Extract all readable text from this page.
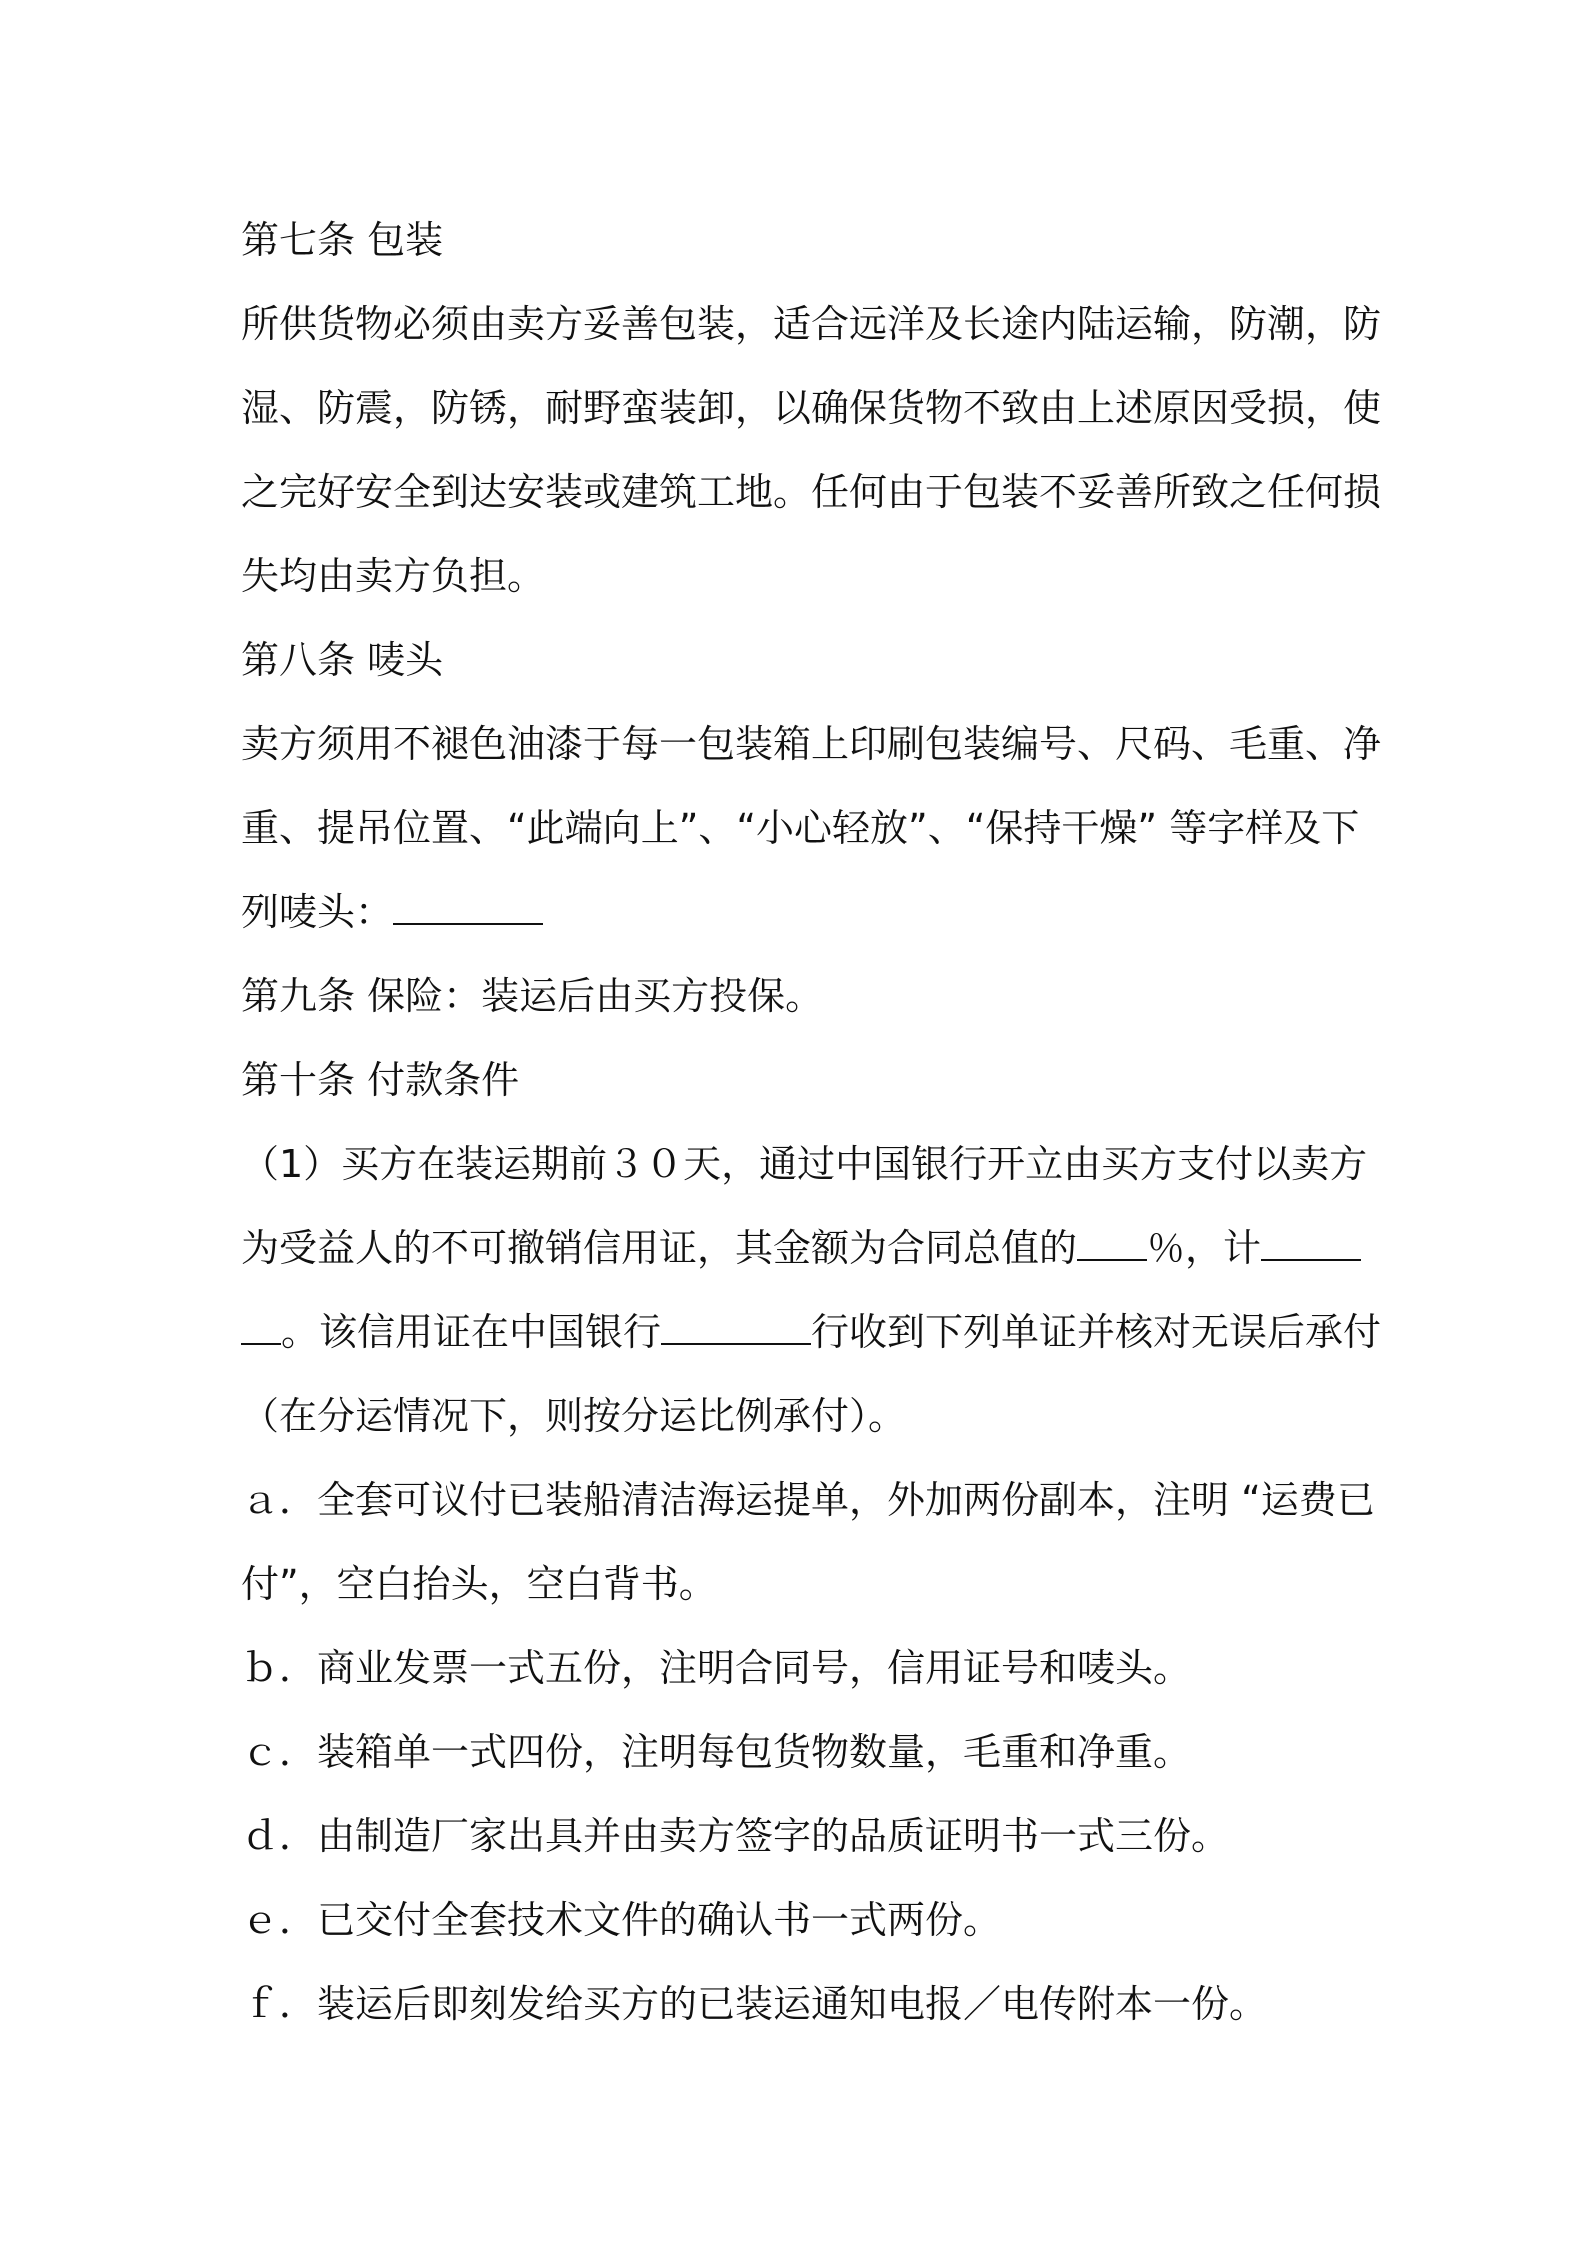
第七条 包装
所供货物必须由卖方妥善包装，适合远洋及长途内陆运输，防潮，防
湿、防震，防锈，耐野蛮装卸，以确保货物不致由上述原因受损，使
之完好安全到达安装或建筑工地。任何由于包装不妥善所致之任何损
失均由卖方负担。
第八条 唛头
卖方须用不褪色油漆于每一包装箱上印刷包装编号、尺码、毛重、净
重、提吊位置、“此端向上”、“小心轻放”、“保持干燥” 等字样及下
列唛头：
第九条 保险：装运后由买方投保。
第十条 付款条件
（1）买方在装运期前３０天，通过中国银行开立由买方支付以卖方
为受益人的不可撤销信用证，其金额为合同总值的 ％，计
。该信用证在中国银行	行收到下列单证并核对无误后承付
（在分运情况下，则按分运比例承付）。
ａ．全套可议付已装船清洁海运提单，外加两份副本，注明 “运费已
付”，空白抬头，空白背书。
ｂ．商业发票一式五份，注明合同号，信用证号和唛头。
ｃ．装箱单一式四份，注明每包货物数量，毛重和净重。
ｄ．由制造厂家出具并由卖方签字的品质证明书一式三份。
ｅ．已交付全套技术文件的确认书一式两份。
ｆ．装运后即刻发给买方的已装运通知电报／电传附本一份。
